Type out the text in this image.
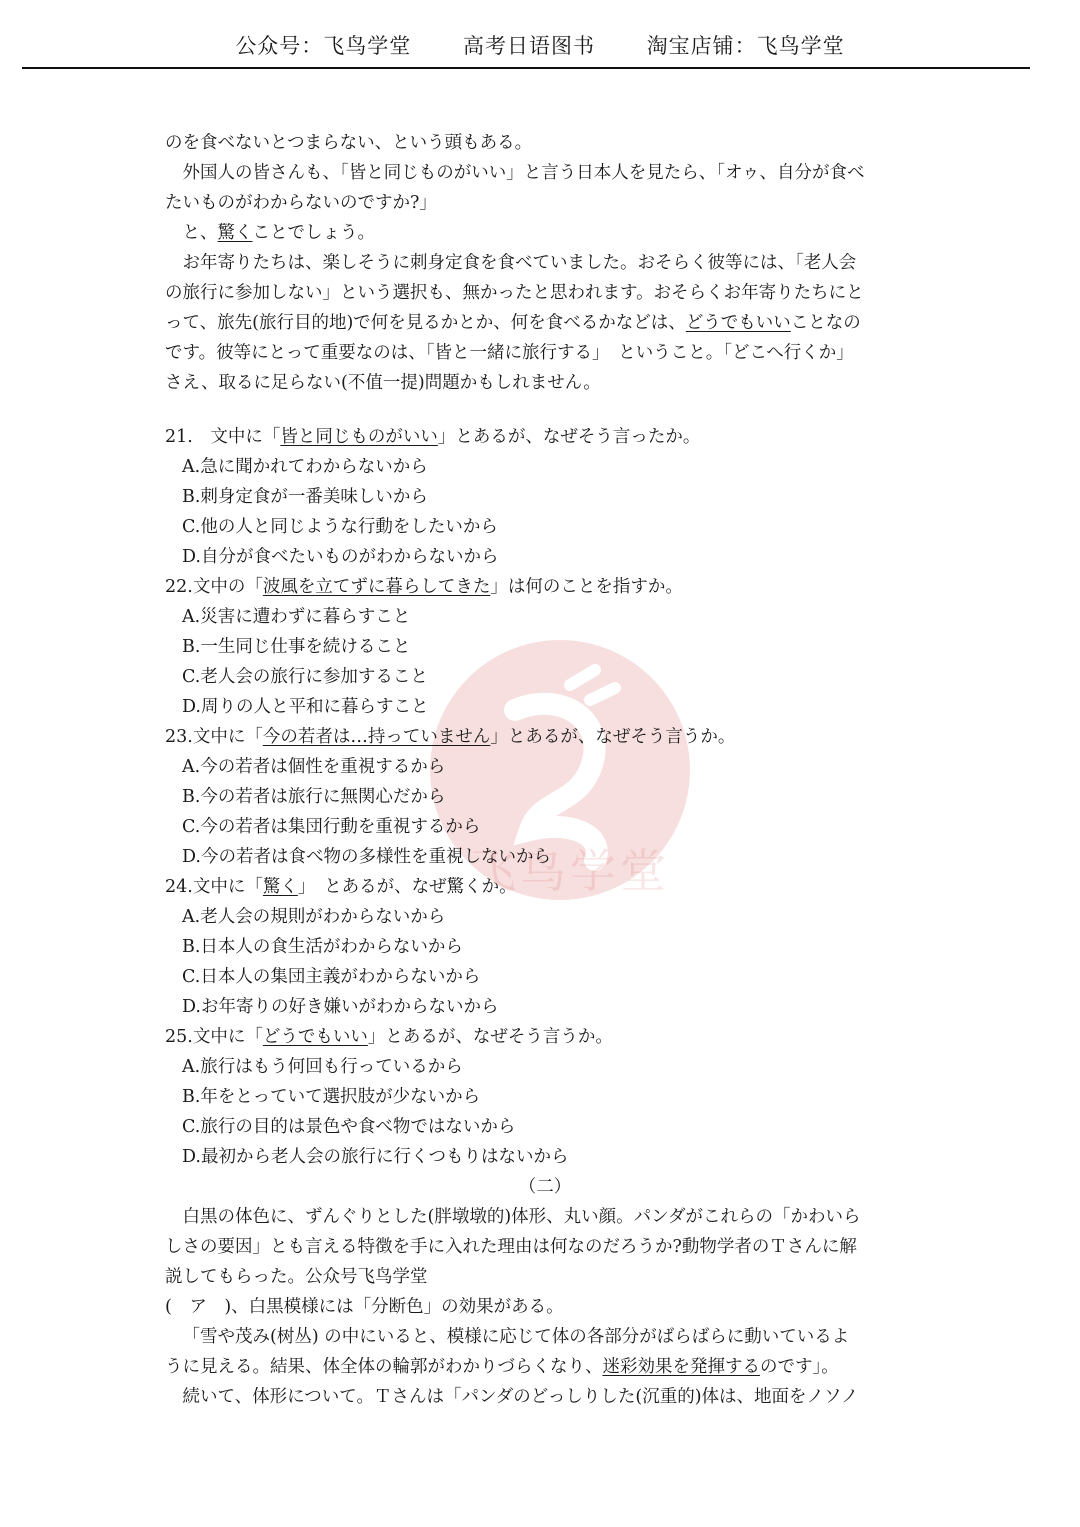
公众号：飞鸟学堂 高考日语图书 淘宝店铺：飞鸟学堂
飞鸟学堂

のを食べないとつまらない、という頭もある。

外国人の皆さんも、「皆と同じものがいい」と言う日本人を見たら、「オゥ、自分が食べ

たいものがわからないのですか?」

と、驚くことでしょう。

お年寄りたちは、楽しそうに刺身定食を食べていました。おそらく彼等には、「老人会

の旅行に参加しない」という選択も、無かったと思われます。おそらくお年寄りたちにと

って、旅先(旅行目的地)で何を見るかとか、何を食べるかなどは、どうでもいいことなの

です。彼等にとって重要なのは、「皆と一緒に旅行する」　ということ。「どこへ行くか」

さえ、取るに足らない(不值一提)問題かもしれません。

21.　文中に「皆と同じものがいい」とあるが、なぜそう言ったか。

A.急に聞かれてわからないから

B.刺身定食が一番美味しいから

C.他の人と同じような行動をしたいから

D.自分が食べたいものがわからないから

22.文中の「波風を立てずに暮らしてきた」は何のことを指すか。

A.災害に遭わずに暮らすこと

B.一生同じ仕事を続けること

C.老人会の旅行に参加すること

D.周りの人と平和に暮らすこと

23.文中に「今の若者は…持っていません」とあるが、なぜそう言うか。

A.今の若者は個性を重視するから

B.今の若者は旅行に無関心だから

C.今の若者は集団行動を重視するから

D.今の若者は食べ物の多様性を重視しないから

24.文中に「驚く」　とあるが、なぜ驚くか。

A.老人会の規則がわからないから

B.日本人の食生活がわからないから

C.日本人の集団主義がわからないから

D.お年寄りの好き嫌いがわからないから

25.文中に「どうでもいい」とあるが、なぜそう言うか。

A.旅行はもう何回も行っているから

B.年をとっていて選択肢が少ないから

C.旅行の目的は景色や食べ物ではないから

D.最初から老人会の旅行に行くつもりはないから

（二）

白黒の体色に、ずんぐりとした(胖墩墩的)体形、丸い顔。パンダがこれらの「かわいら

しさの要因」とも言える特徴を手に入れた理由は何なのだろうか?動物学者のＴさんに解

説してもらった。公众号飞鸟学堂

(　ア　)、白黒模様には「分断色」の効果がある。

「雪や茂み(树丛) の中にいると、模様に応じて体の各部分がばらばらに動いているよ

うに見える。結果、体全体の輪郭がわかりづらくなり、迷彩効果を発揮するのです｣。

続いて、体形について。Ｔさんは「パンダのどっしりした(沉重的)体は、地面をノソノ
